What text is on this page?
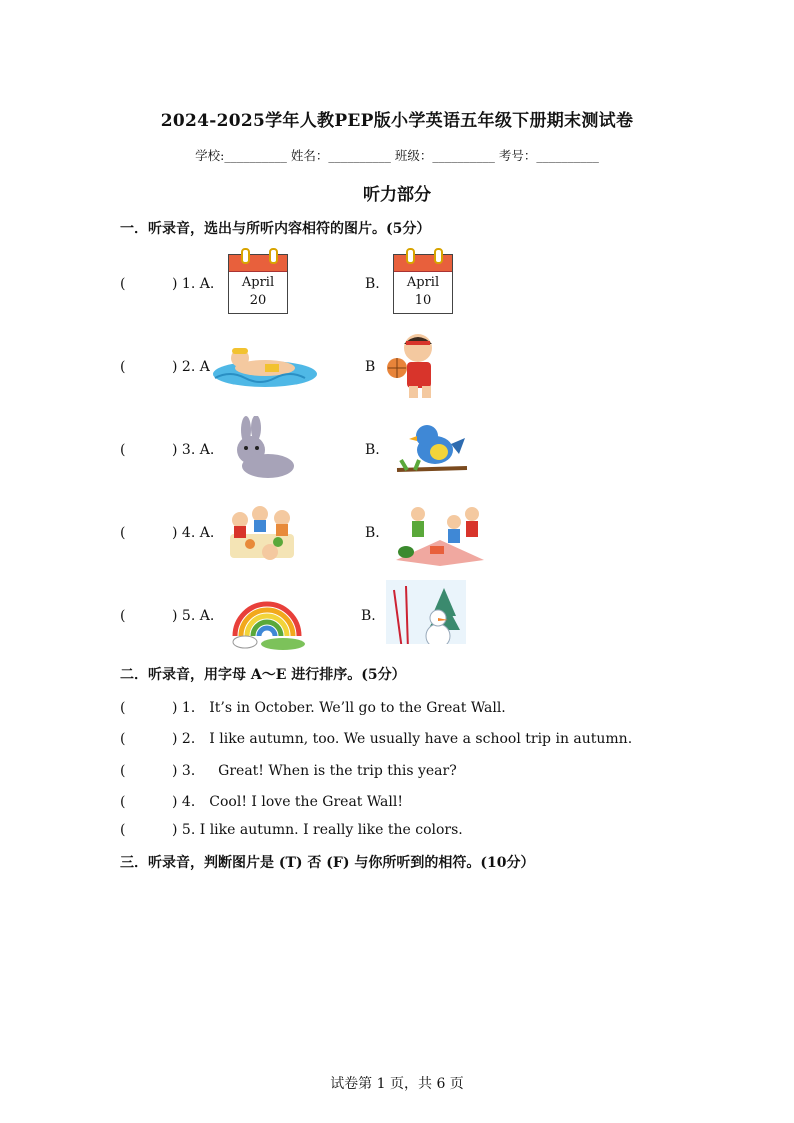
2024-2025学年人教PEP版小学英语五年级下册期末测试卷
学校:__________ 姓名：__________ 班级：__________ 考号：__________
听力部分
一．听录音，选出与所听内容相符的图片。(5分）
(	) 1. A.	April
20
B.	April
10
(	) 2. A	B
(	) 3. A.	B.
(	) 4. A.	B.
(	) 5. A.	B.
二．听录音，用字母 A～E 进行排序。(5分）
(	) 1． It’s in October. We’ll go to the Great Wall.
(	) 2． I like autumn, too. We usually have a school trip in autumn.
(	) 3．   Great! When is the trip this year?
(	) 4． Cool! I love the Great Wall!
(	) 5. I like autumn. I really like the colors.
三．听录音，判断图片是 (T) 否 (F) 与你所听到的相符。(10分）
试卷第 1 页，共 6 页
